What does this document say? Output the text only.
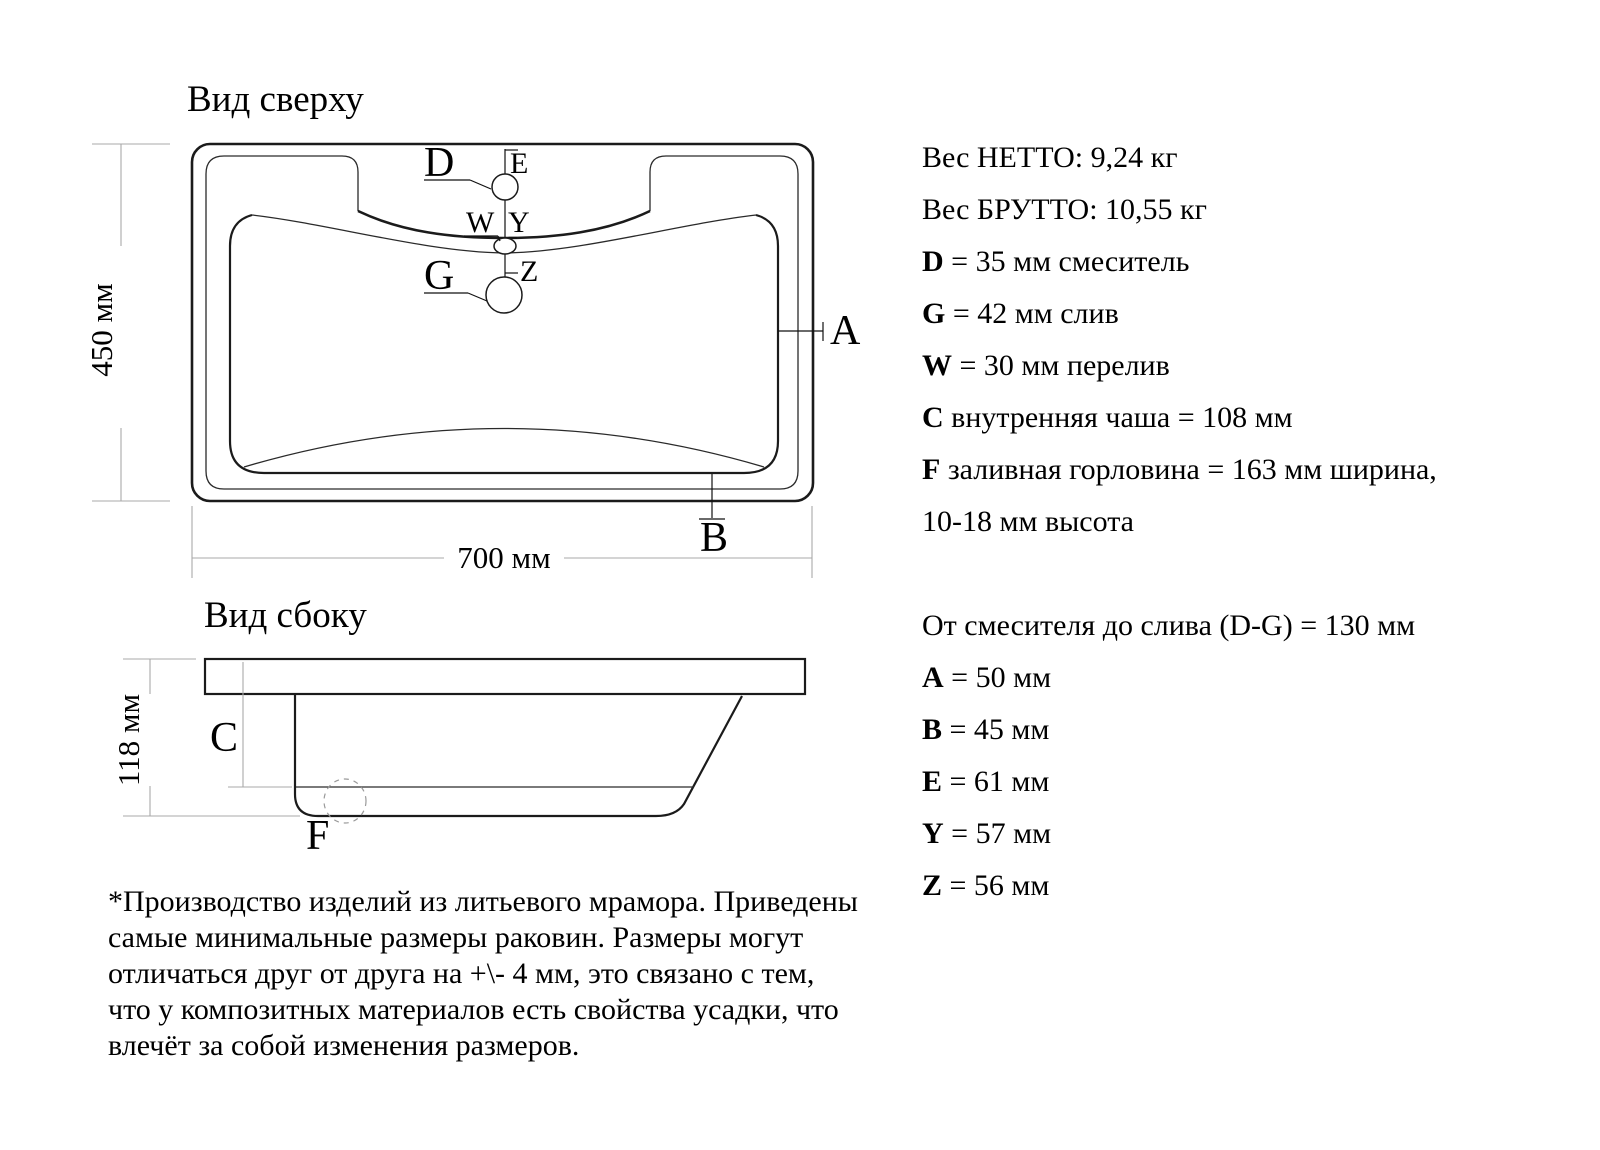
Вид сверху
Вид сбоку
D E
W Y
Z
G
A
B
450 мм
700 мм
C
118 мм
F
Вес НЕТТО: 9,24 кг
Вес БРУТТО: 10,55 кг
D = 35 мм смеситель
G = 42 мм слив
W = 30 мм перелив
C внутренняя чаша = 108 мм
F заливная горловина = 163 мм ширина,
10-18 мм высота
От смесителя до слива (D-G) = 130 мм
A = 50 мм
B = 45 мм
E = 61 мм
Y = 57 мм
Z = 56 мм
*Производство изделий из литьевого мрамора. Приведены
самые минимальные размеры раковин. Размеры могут
отличаться друг от друга на +\- 4 мм, это связано с тем,
что у композитных материалов есть свойства усадки, что
влечёт за собой изменения размеров.
